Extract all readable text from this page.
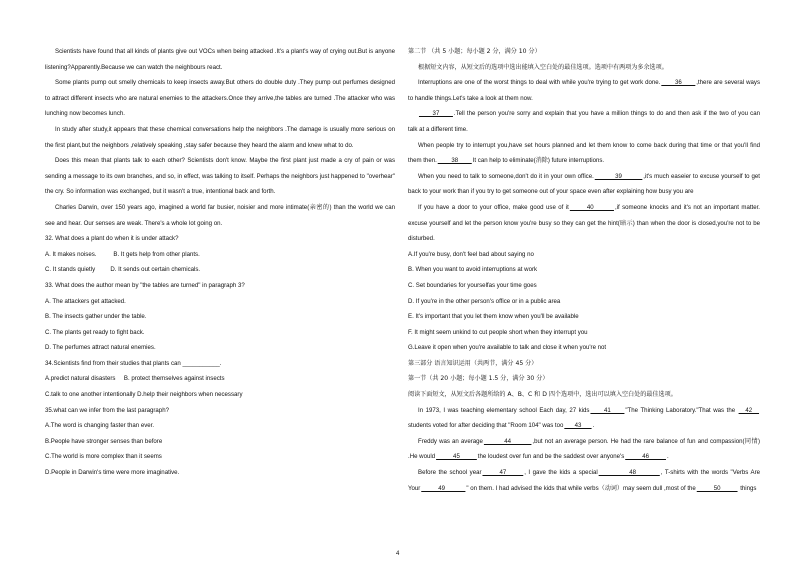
Scientists have found that all kinds of plants give out VOCs when being attacked .It's a plant's way of crying out.But is anyone listening?Apparently.Because we can watch the neighbours react.

Some plants pump out smelly chemicals to keep insects away.But others do double duty .They pump out perfumes designed to attract different insects who are natural enemies to the attackers.Once they arrive,the tables are turned .The attacker who was lunching now becomes lunch.

In study after study,it appears that these chemical conversations help the neighbors .The damage is usually more serious on the first plant,but the neighbors ,relatively speaking ,stay safer because they heard the alarm and knew what to do.

Does this mean that plants talk to each other? Scientists don't know. Maybe the first plant just made a cry of pain or was sending a message to its own branches, and so, in effect, was talking to itself. Perhaps the neighbors just happened to "overhear" the cry. So information was exchanged, but it wasn't a true, intentional back and forth.

Charles Darwin, over 150 years ago, imagined a world far busier, noisier and more intimate(亲密的) than the world we can see and hear. Our senses are weak. There's a whole lot going on.

32. What does a plant do when it is under attack?

A. It makes noises.          B. It gets help from other plants.

C. It stands quietly         D. It sends out certain chemicals.

33. What does the author mean by "the tables are turned" in paragraph 3?

A. The attackers get attacked.

B. The insects gather under the table.

C. The plants get ready to fight back.

D. The perfumes attract natural enemies.

34.Scientists find from their studies that plants can ___________.

A.predict natural disasters     B. protect themselves against insects

C.talk to one another intentionally D.help their neighbors when necessary

35.what can we infer from the last paragraph?

A.The word is changing faster than ever.

B.People have stronger senses than before

C.The world is more complex than it seems

D.People in Darwin's time were more imaginative.

第二节 （共 5 小题；每小题 2 分，满分 10 分）

根据短文内容，从短文后的选项中选出能填入空白处的最佳选项。选项中有两项为多余选项。

Interruptions are one of the worst things to deal with while you're trying to get work done.____36____,there are several ways to handle things.Let's take a look at them now.

____37____.Tell the person you're sorry and explain that you have a million things to do and then ask if the two of you can talk at a different time.

When people try to interrupt you,have set hours planned and let them know to come back during that time or that you'll find them then.____38____It can help to eliminate(消除) future interruptions.

When you need to talk to someone,don't do it in your own office.______39______,it's much easeier to excuse yourself to get back to your work than if you try to get someone out of your space even after explaining how busy you are

If you have a door to your office, make good use of it_____40______,if someone knocks and it's not an important matter. excuse yourself and let the person know you're busy so they can get the hint(暗示) than when the door is closed,you're not to be disturbed.

A.If you're busy, don't feel bad about saying no

B. When you want to avoid interruptions at work

C. Set boundaries for yourselfas your time goes

D. If you're in the other person's office or in a public area

E. It's important that you let them know when you'll be available

F. It might seem unkind to cut people short when they interrupt you

G.Leave it open when you're available to talk and close it when you're not

第三部分 语言知识运用（共两节，满分 45 分）

第一节（共 20 小题；每小题 1.5 分，满分 30 分）

阅读下面短文，从短文后各题所给的 A、B、C 和 D 四个选项中，选出可以填入空白处的最佳选项。

In 1973, I was teaching elementary school Each day, 27 kids____41____"The Thinking Laboratory."That was the __42__ students voted for after deciding that "Room 104" was too___43___.

Freddy was an average______44______,but not an average person. He had the rare balance of fun and compassion(同情) .He would_____45_____the loudest over fun and be the saddest over anyone's_____46_____.

Before the school year_____47_____, I gave the kids a special_________48_______, T-shirts with the words "Verbs Are Your_____49______" on them. I had advised the kids that while verbs（动词）may seem dull ,most of the_____50_____ things

4
